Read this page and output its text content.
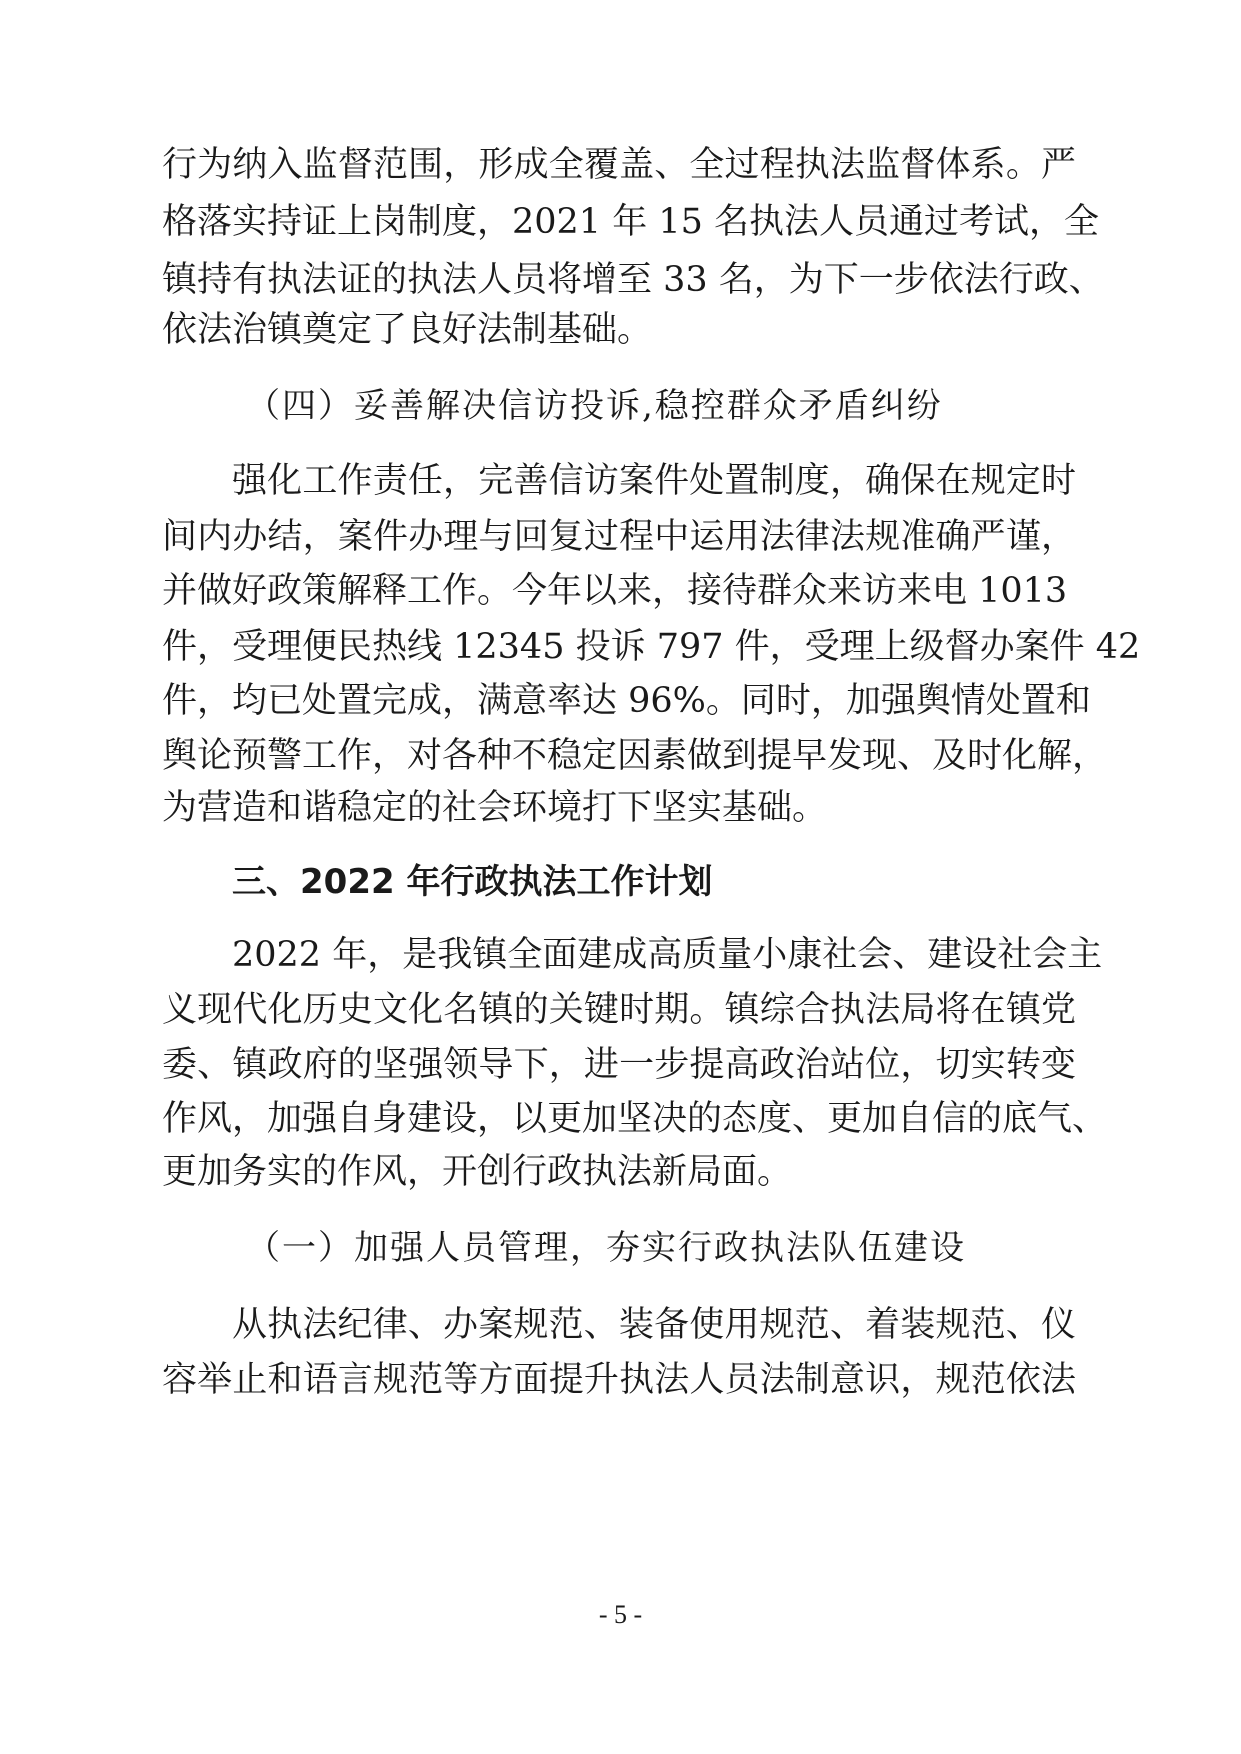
行为纳入监督范围，形成全覆盖、全过程执法监督体系。严
格落实持证上岗制度，2021 年 15 名执法人员通过考试，全
镇持有执法证的执法人员将增至 33 名，为下一步依法行政、
依法治镇奠定了良好法制基础。
（四）妥善解决信访投诉,稳控群众矛盾纠纷
强化工作责任，完善信访案件处置制度，确保在规定时
间内办结，案件办理与回复过程中运用法律法规准确严谨，
并做好政策解释工作。今年以来，接待群众来访来电 1013
件，受理便民热线 12345 投诉 797 件，受理上级督办案件 42
件，均已处置完成，满意率达 96%。同时，加强舆情处置和
舆论预警工作，对各种不稳定因素做到提早发现、及时化解，
为营造和谐稳定的社会环境打下坚实基础。
三、2022 年行政执法工作计划
2022 年，是我镇全面建成高质量小康社会、建设社会主
义现代化历史文化名镇的关键时期。镇综合执法局将在镇党
委、镇政府的坚强领导下，进一步提高政治站位，切实转变
作风，加强自身建设，以更加坚决的态度、更加自信的底气、
更加务实的作风，开创行政执法新局面。
（一）加强人员管理，夯实行政执法队伍建设
从执法纪律、办案规范、装备使用规范、着装规范、仪
容举止和语言规范等方面提升执法人员法制意识，规范依法
- 5 -
